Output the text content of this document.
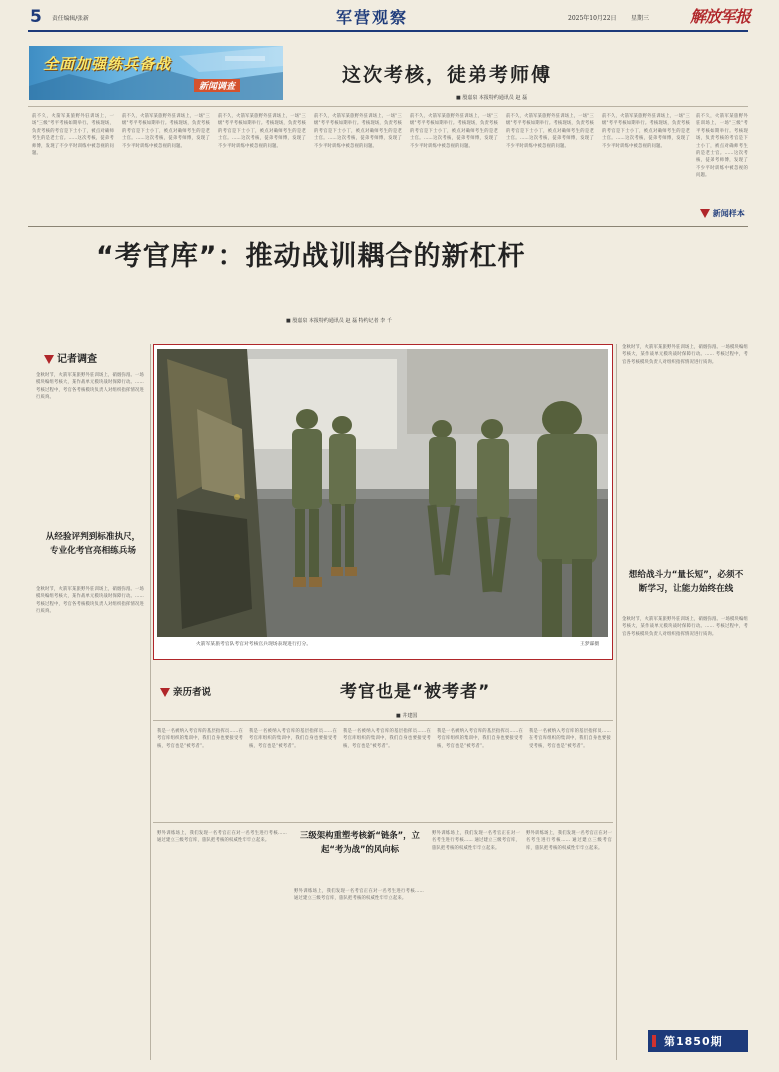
5 责任编辑/张新	军营观察	2025年10月22日 星期三	解放军报
全面加强练兵备战
新闻调查
这次考核，徒弟考师傅
■ 殷嘉泉 本报特约通讯员 赵 磊
前不久，火箭军某旅野外驻训场上，一场"三级"考平考核如期举行。考核现场，负责考核的考官是下士小丁，被点对确师考生的是老士官。……这次考核，徒弟考师傅，发现了不少平时训练中被忽视的问题。
前不久，火箭军某旅野外驻训场上，一场"三级"考平考核如期举行。考核现场，负责考核的考官是下士小丁，被点对确师考生的是老士官。……这次考核，徒弟考师傅，发现了不少平时训练中被忽视的问题。
前不久，火箭军某旅野外驻训场上，一场"三级"考平考核如期举行。考核现场，负责考核的考官是下士小丁，被点对确师考生的是老士官。……这次考核，徒弟考师傅，发现了不少平时训练中被忽视的问题。
前不久，火箭军某旅野外驻训场上，一场"三级"考平考核如期举行。考核现场，负责考核的考官是下士小丁，被点对确师考生的是老士官。……这次考核，徒弟考师傅，发现了不少平时训练中被忽视的问题。
前不久，火箭军某旅野外驻训场上，一场"三级"考平考核如期举行。考核现场，负责考核的考官是下士小丁，被点对确师考生的是老士官。……这次考核，徒弟考师傅，发现了不少平时训练中被忽视的问题。
前不久，火箭军某旅野外驻训场上，一场"三级"考平考核如期举行。考核现场，负责考核的考官是下士小丁，被点对确师考生的是老士官。……这次考核，徒弟考师傅，发现了不少平时训练中被忽视的问题。
前不久，火箭军某旅野外驻训场上，一场"三级"考平考核如期举行。考核现场，负责考核的考官是下士小丁，被点对确师考生的是老士官。……这次考核，徒弟考师傅，发现了不少平时训练中被忽视的问题。
前不久，火箭军某旅野外驻训场上，一场"三级"考平考核如期举行。考核现场，负责考核的考官是下士小丁，被点对确师考生的是老士官。……这次考核，徒弟考师傅，发现了不少平时训练中被忽视的问题。
新闻样本
“考官库”：推动战训耦合的新杠杆
■ 殷嘉泉 本报特约通讯员 赵 磊 特约记者 李 千
记者调查
金秋时节，火箭军某旅野外驻训场上，硝烟弥漫。一场模块编组考核大，某作战单元模块战时保障行动。…… 考核过程中，考官各考核模块负责人对组织指挥情况进行质询。
从经验评判到标准执尺，专业化考官亮相练兵场
金秋时节，火箭军某旅野外驻训场上，硝烟弥漫。一场模块编组考核大，某作战单元模块战时保障行动。…… 考核过程中，考官各考核模块负责人对组织指挥情况进行质询。
火箭军某旅考官队考官对考核官兵现场表现进行打分。	王梦霖摄
亲历者说	考官也是“被考者”
■ 井建国
我是一名被纳入考官库的基层指挥员……在考官库组织的集训中，我们自身也要接受考核，考官也是“被考者”。
我是一名被纳入考官库的基层指挥员……在考官库组织的集训中，我们自身也要接受考核，考官也是“被考者”。
我是一名被纳入考官库的基层指挥员……在考官库组织的集训中，我们自身也要接受考核，考官也是“被考者”。
我是一名被纳入考官库的基层指挥员……在考官库组织的集训中，我们自身也要接受考核，考官也是“被考者”。
我是一名被纳入考官库的基层指挥员……在考官库组织的集训中，我们自身也要接受考核，考官也是“被考者”。
野外训练场上，我们发现一名考官正在对一名考生进行考核…… 通过建立三级考官库，旅队把考核的权威性牢牢立起来。
三级架构重塑考核新“链条”，立起“考为战”的风向标
野外训练场上，我们发现一名考官正在对一名考生进行考核…… 通过建立三级考官库，旅队把考核的权威性牢牢立起来。
野外训练场上，我们发现一名考官正在对一名考生进行考核…… 通过建立三级考官库，旅队把考核的权威性牢牢立起来。
野外训练场上，我们发现一名考官正在对一名考生进行考核…… 通过建立三级考官库，旅队把考核的权威性牢牢立起来。
金秋时节，火箭军某旅野外驻训场上，硝烟弥漫。一场模块编组考核大，某作战单元模块战时保障行动。…… 考核过程中，考官各考核模块负责人对组织指挥情况进行质询。
想给战斗力“量长短”，必须不断学习，让能力始终在线
金秋时节，火箭军某旅野外驻训场上，硝烟弥漫。一场模块编组考核大，某作战单元模块战时保障行动。…… 考核过程中，考官各考核模块负责人对组织指挥情况进行质询。
第1850期
